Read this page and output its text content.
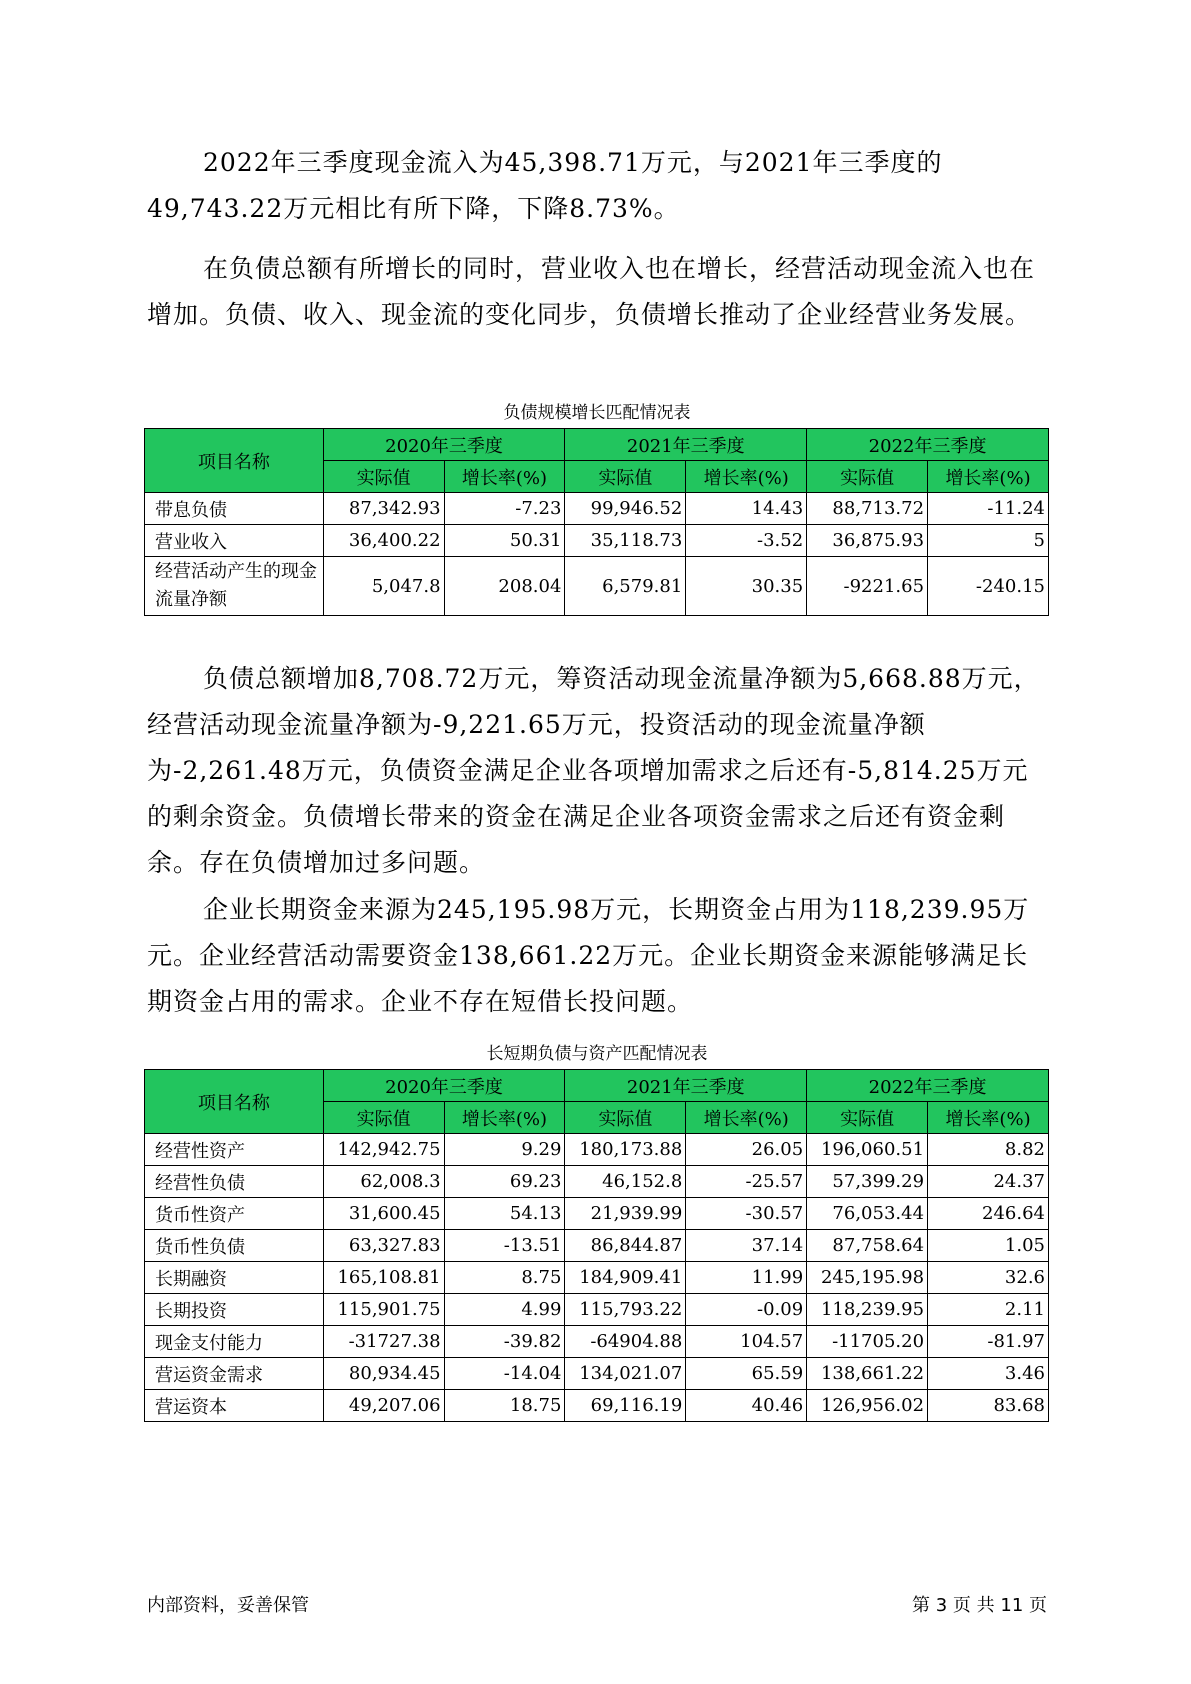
2022年三季度现金流入为45,398.71万元，与2021年三季度的49,743.22万元相比有所下降，下降8.73%。

在负债总额有所增长的同时，营业收入也在增长，经营活动现金流入也在增加。负债、收入、现金流的变化同步，负债增长推动了企业经营业务发展。

负债规模增长匹配情况表
项目名称	2020年三季度		2021年三季度		2022年三季度	
	实际值	增长率(%)	实际值	增长率(%)	实际值	增长率(%)
带息负债	87,342.93	-7.23	99,946.52	14.43	88,713.72	-11.24
营业收入	36,400.22	50.31	35,118.73	-3.52	36,875.93	5
经营活动产生的现金流量净额	5,047.8	208.04	6,579.81	30.35	-9221.65	-240.15

负债总额增加8,708.72万元，筹资活动现金流量净额为5,668.88万元，经营活动现金流量净额为-9,221.65万元，投资活动的现金流量净额为-2,261.48万元，负债资金满足企业各项增加需求之后还有-5,814.25万元的剩余资金。负债增长带来的资金在满足企业各项资金需求之后还有资金剩余。存在负债增加过多问题。

企业长期资金来源为245,195.98万元，长期资金占用为118,239.95万元。企业经营活动需要资金138,661.22万元。企业长期资金来源能够满足长期资金占用的需求。企业不存在短借长投问题。

长短期负债与资产匹配情况表
项目名称	2020年三季度		2021年三季度		2022年三季度	
	实际值	增长率(%)	实际值	增长率(%)	实际值	增长率(%)
经营性资产	142,942.75	9.29	180,173.88	26.05	196,060.51	8.82
经营性负债	62,008.3	69.23	46,152.8	-25.57	57,399.29	24.37
货币性资产	31,600.45	54.13	21,939.99	-30.57	76,053.44	246.64
货币性负债	63,327.83	-13.51	86,844.87	37.14	87,758.64	1.05
长期融资	165,108.81	8.75	184,909.41	11.99	245,195.98	32.6
长期投资	115,901.75	4.99	115,793.22	-0.09	118,239.95	2.11
现金支付能力	-31727.38	-39.82	-64904.88	104.57	-11705.20	-81.97
营运资金需求	80,934.45	-14.04	134,021.07	65.59	138,661.22	3.46
营运资本	49,207.06	18.75	69,116.19	40.46	126,956.02	83.68
内部资料，妥善保管	第 3 页 共 11 页
